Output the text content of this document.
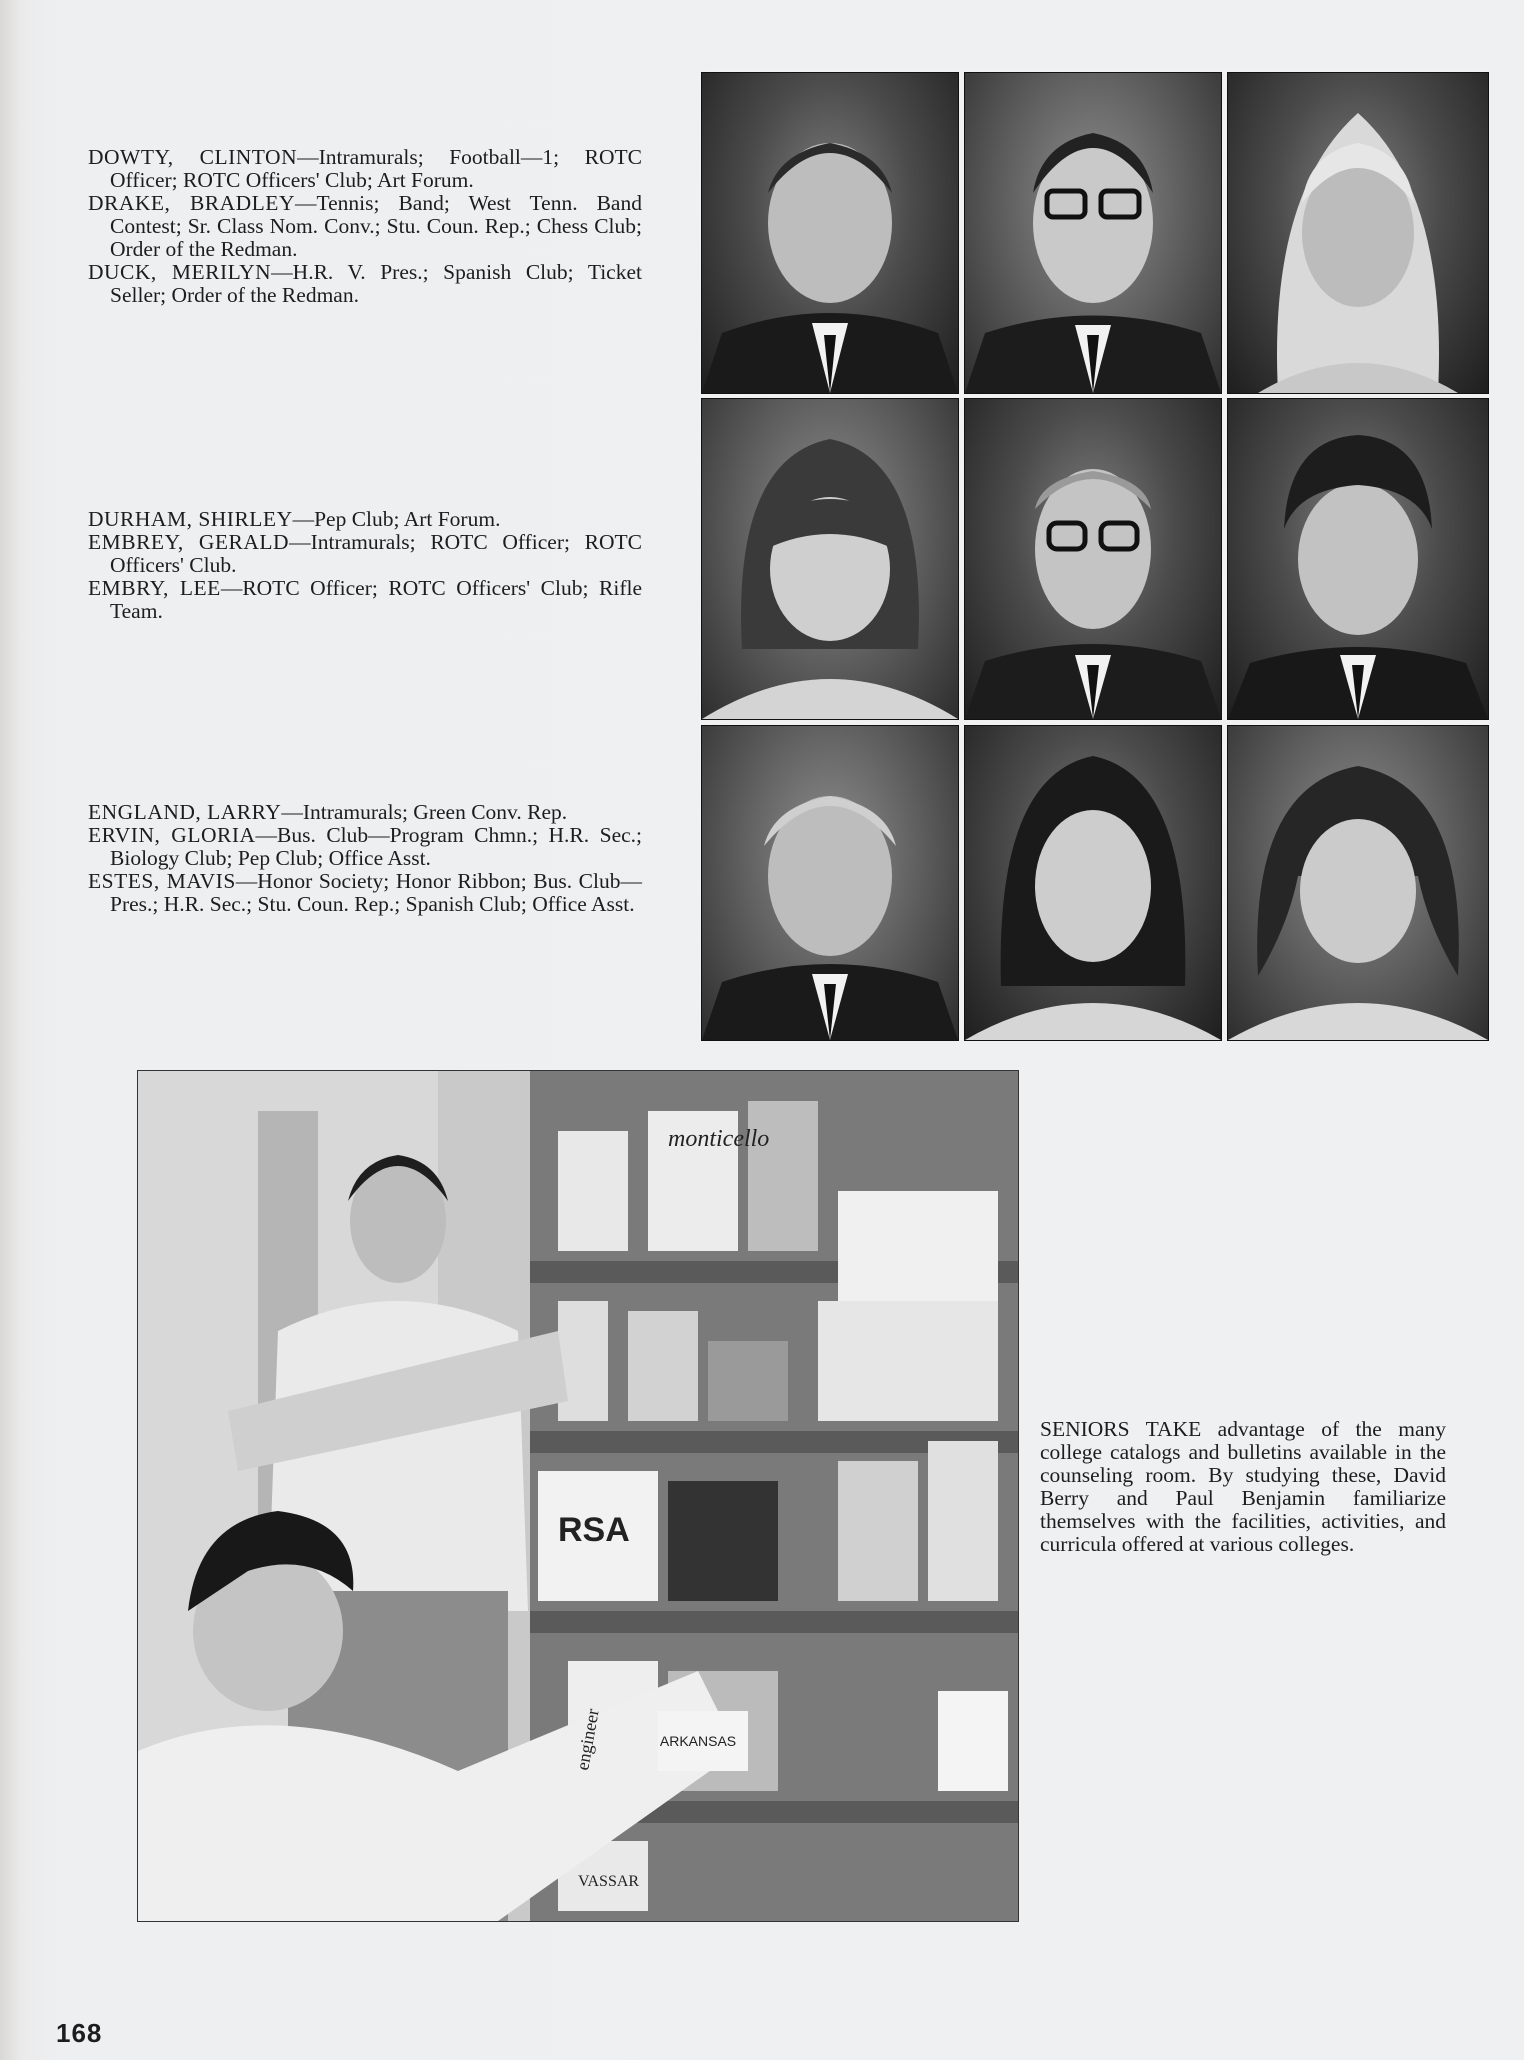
DOWTY, CLINTON—Intramurals; Football—1; ROTC Officer; ROTC Officers' Club; Art Forum.

DRAKE, BRADLEY—Tennis; Band; West Tenn. Band Contest; Sr. Class Nom. Conv.; Stu. Coun. Rep.; Chess Club; Order of the Redman.

DUCK, MERILYN—H.R. V. Pres.; Spanish Club; Ticket Seller; Order of the Redman.

DURHAM, SHIRLEY—Pep Club; Art Forum.

EMBREY, GERALD—Intramurals; ROTC Officer; ROTC Officers' Club.

EMBRY, LEE—ROTC Officer; ROTC Officers' Club; Rifle Team.

ENGLAND, LARRY—Intramurals; Green Conv. Rep.

ERVIN, GLORIA—Bus. Club—Program Chmn.; H.R. Sec.; Biology Club; Pep Club; Office Asst.

ESTES, MAVIS—Honor Society; Honor Ribbon; Bus. Club—Pres.; H.R. Sec.; Stu. Coun. Rep.; Spanish Club; Office Asst.

ARKANSAS
monticello
engineer
VASSAR
RSA

SENIORS TAKE advantage of the many college catalogs and bulletins available in the counseling room. By studying these, David Berry and Paul Benjamin familiarize themselves with the facilities, activities, and curricula offered at various colleges.

168
